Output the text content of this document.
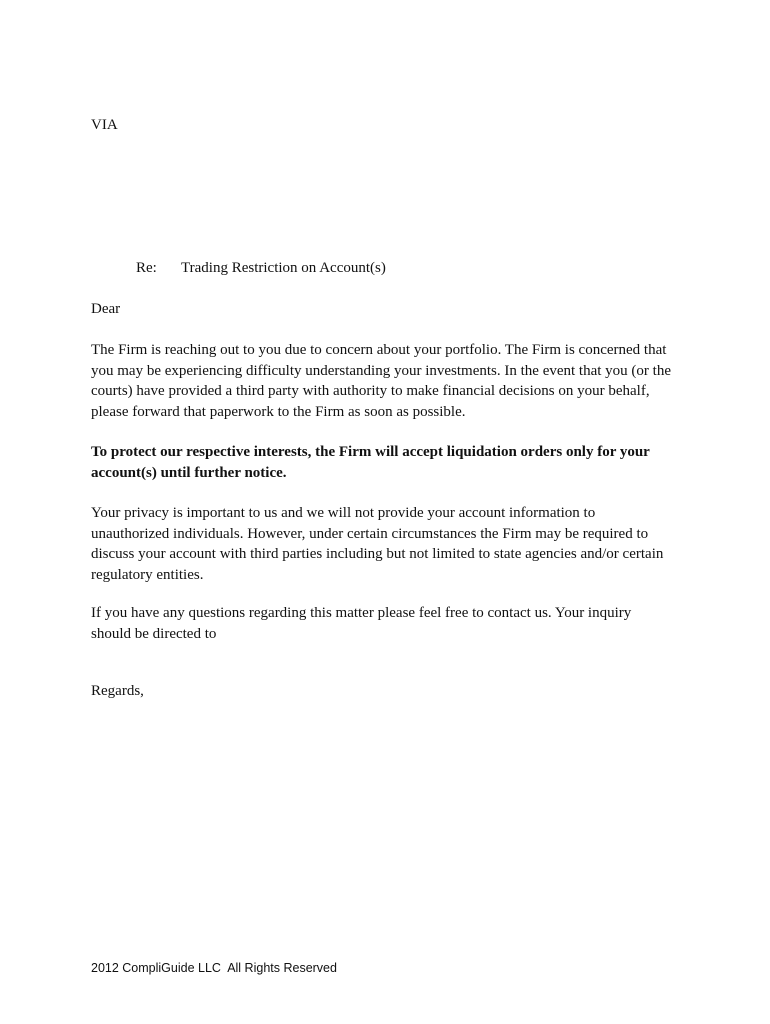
VIA
Re: Trading Restriction on Account(s)
Dear
The Firm is reaching out to you due to concern about your portfolio. The Firm is concerned that
you may be experiencing difficulty understanding your investments. In the event that you (or the
courts) have provided a third party with authority to make financial decisions on your behalf,
please forward that paperwork to the Firm as soon as possible.
To protect our respective interests, the Firm will accept liquidation orders only for your
account(s) until further notice.
Your privacy is important to us and we will not provide your account information to
unauthorized individuals. However, under certain circumstances the Firm may be required to
discuss your account with third parties including but not limited to state agencies and/or certain
regulatory entities.
If you have any questions regarding this matter please feel free to contact us. Your inquiry
should be directed to
Regards,
2012 CompliGuide LLC  All Rights Reserved
